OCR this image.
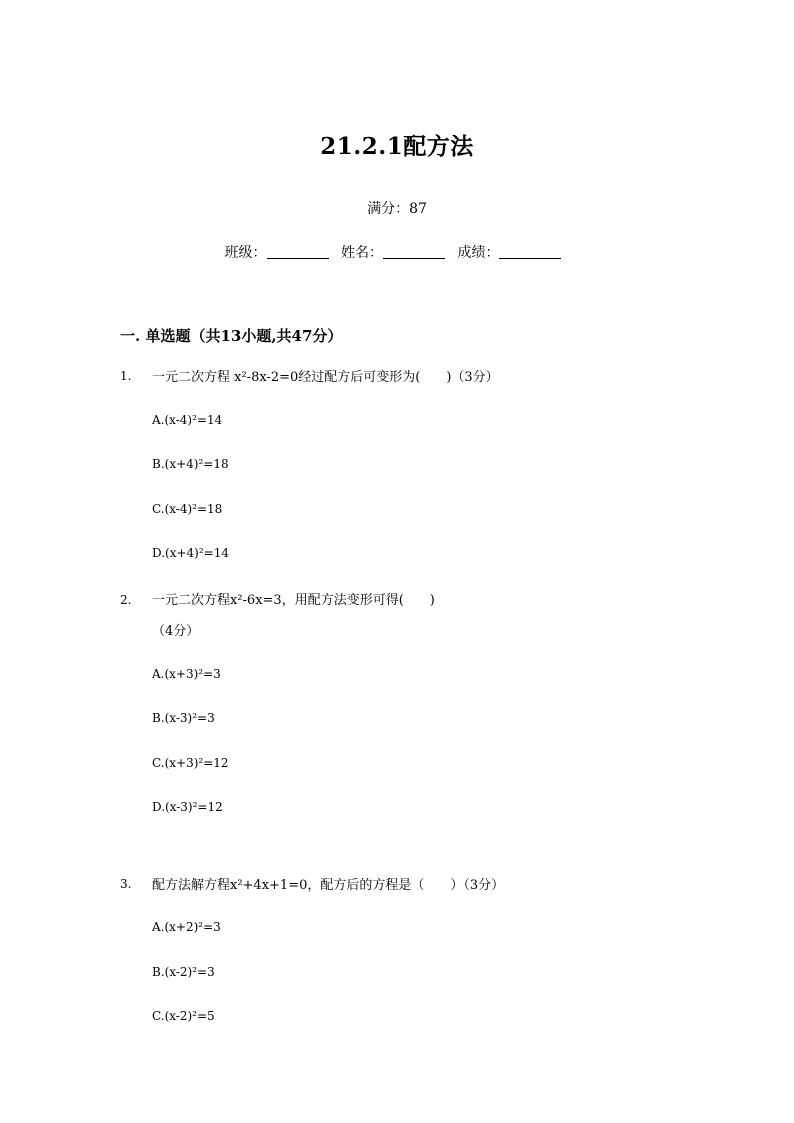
21.2.1配方法
满分：87
班级：	姓名：	成绩：
一. 单选题（共13小题,共47分）
1. 一元二次方程 x²-8x-2=0经过配方后可变形为(　　)（3分）
A.(x-4)²=14
B.(x+4)²=18
C.(x-4)²=18
D.(x+4)²=14
2. 一元二次方程x²-6x=3，用配方法变形可得(　　)
（4分）
A.(x+3)²=3
B.(x-3)²=3
C.(x+3)²=12
D.(x-3)²=12
3. 配方法解方程x²+4x+1=0，配方后的方程是（　　）（3分）
A.(x+2)²=3
B.(x-2)²=3
C.(x-2)²=5
